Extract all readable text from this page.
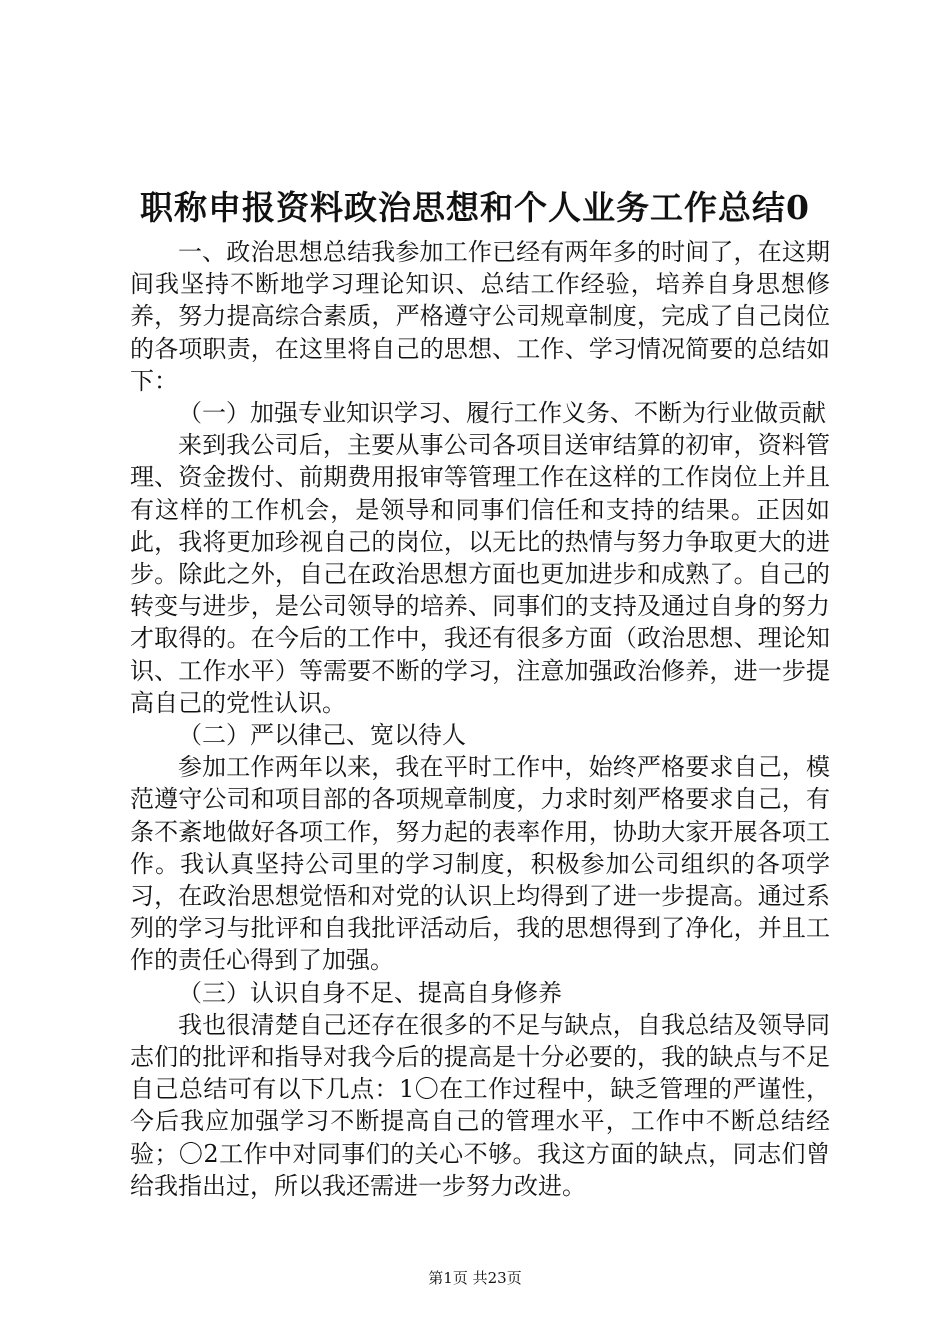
职称申报资料政治思想和个人业务工作总结0

一、政治思想总结我参加工作已经有两年多的时间了，在这期间我坚持不断地学习理论知识、总结工作经验，培养自身思想修养，努力提高综合素质，严格遵守公司规章制度，完成了自己岗位的各项职责，在这里将自己的思想、工作、学习情况简要的总结如下：

（一）加强专业知识学习、履行工作义务、不断为行业做贡献

来到我公司后，主要从事公司各项目送审结算的初审，资料管理、资金拨付、前期费用报审等管理工作在这样的工作岗位上并且有这样的工作机会，是领导和同事们信任和支持的结果。正因如此，我将更加珍视自己的岗位，以无比的热情与努力争取更大的进步。除此之外，自己在政治思想方面也更加进步和成熟了。自己的转变与进步，是公司领导的培养、同事们的支持及通过自身的努力才取得的。在今后的工作中，我还有很多方面（政治思想、理论知识、工作水平）等需要不断的学习，注意加强政治修养，进一步提高自己的党性认识。

（二）严以律己、宽以待人

参加工作两年以来，我在平时工作中，始终严格要求自己，模范遵守公司和项目部的各项规章制度，力求时刻严格要求自己，有条不紊地做好各项工作，努力起的表率作用，协助大家开展各项工作。我认真坚持公司里的学习制度，积极参加公司组织的各项学习，在政治思想觉悟和对党的认识上均得到了进一步提高。通过系列的学习与批评和自我批评活动后，我的思想得到了净化，并且工作的责任心得到了加强。

（三）认识自身不足、提高自身修养

我也很清楚自己还存在很多的不足与缺点，自我总结及领导同志们的批评和指导对我今后的提高是十分必要的，我的缺点与不足自己总结可有以下几点：1〇在工作过程中，缺乏管理的严谨性，今后我应加强学习不断提高自己的管理水平，工作中不断总结经验；〇2工作中对同事们的关心不够。我这方面的缺点，同志们曾给我指出过，所以我还需进一步努力改进。

第1页 共23页
